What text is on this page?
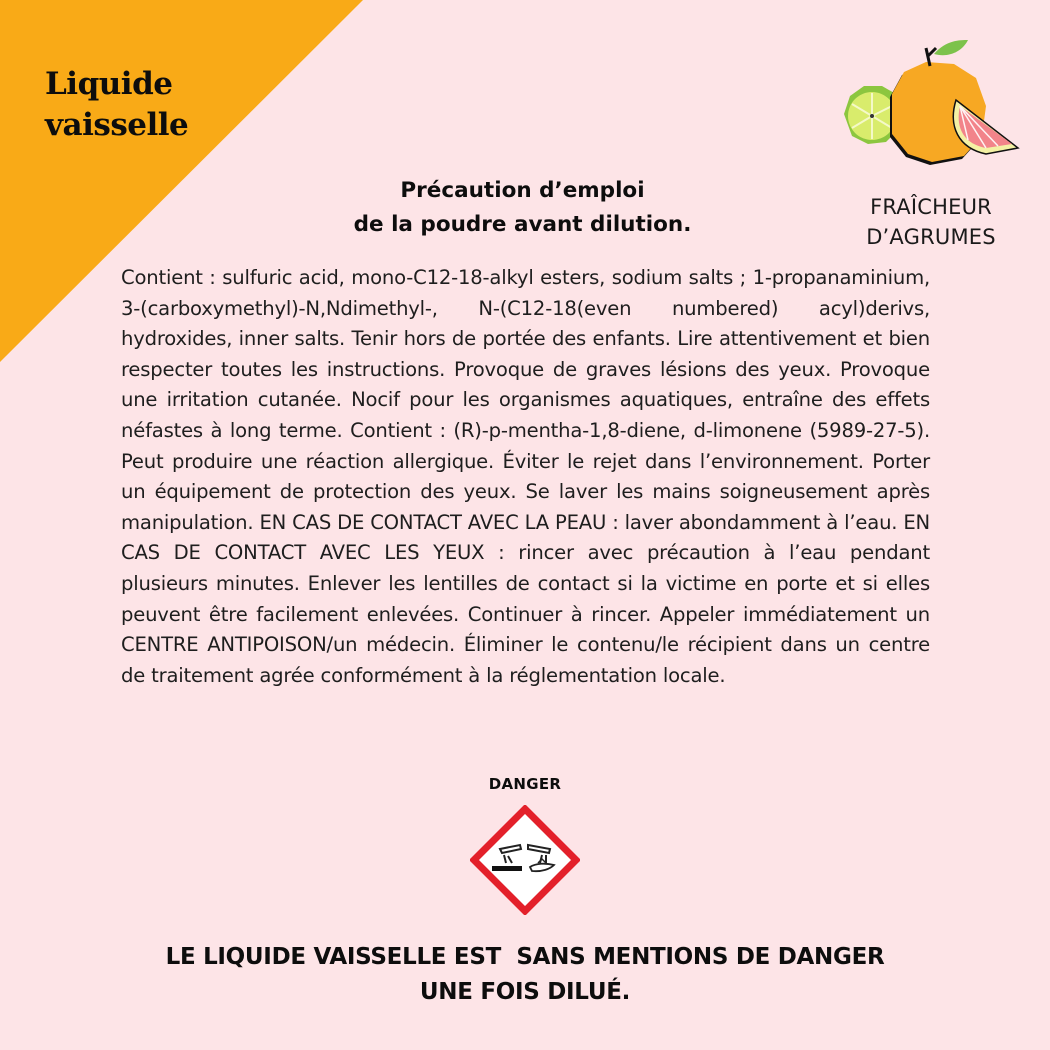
Liquide
vaisselle
FRAÎCHEUR
D’AGRUMES
Précaution d’emploi
de la poudre avant dilution.
Contient : sulfuric acid, mono-C12-18-alkyl esters, sodium salts ; 1-propanaminium, 3-(carboxymethyl)-N,Ndimethyl-, N-(C12-18(even numbered) acyl)derivs, hydroxides, inner salts. Tenir hors de portée des enfants. Lire attentivement et bien respecter toutes les instructions. Provoque de graves lésions des yeux. Provoque une irritation cutanée. Nocif pour les organismes aquatiques, entraîne des effets néfastes à long terme. Contient : (R)-p-mentha-1,8-diene, d-limonene (5989-27-5). Peut produire une réaction allergique. Éviter le rejet dans l’environnement. Porter un équipement de protection des yeux. Se laver les mains soigneusement après manipulation. EN CAS DE CONTACT AVEC LA PEAU : laver abondamment à l’eau. EN CAS DE CONTACT AVEC LES YEUX : rincer avec précaution à l’eau pendant plusieurs minutes. Enlever les lentilles de contact si la victime en porte et si elles peuvent être facilement enlevées. Continuer à rincer. Appeler immédiatement un CENTRE ANTIPOISON/un médecin. Éliminer le contenu/le récipient dans un centre de traitement agrée conformément à la réglementation locale.
DANGER
LE LIQUIDE VAISSELLE EST  SANS MENTIONS DE DANGER
UNE FOIS DILUÉ.
